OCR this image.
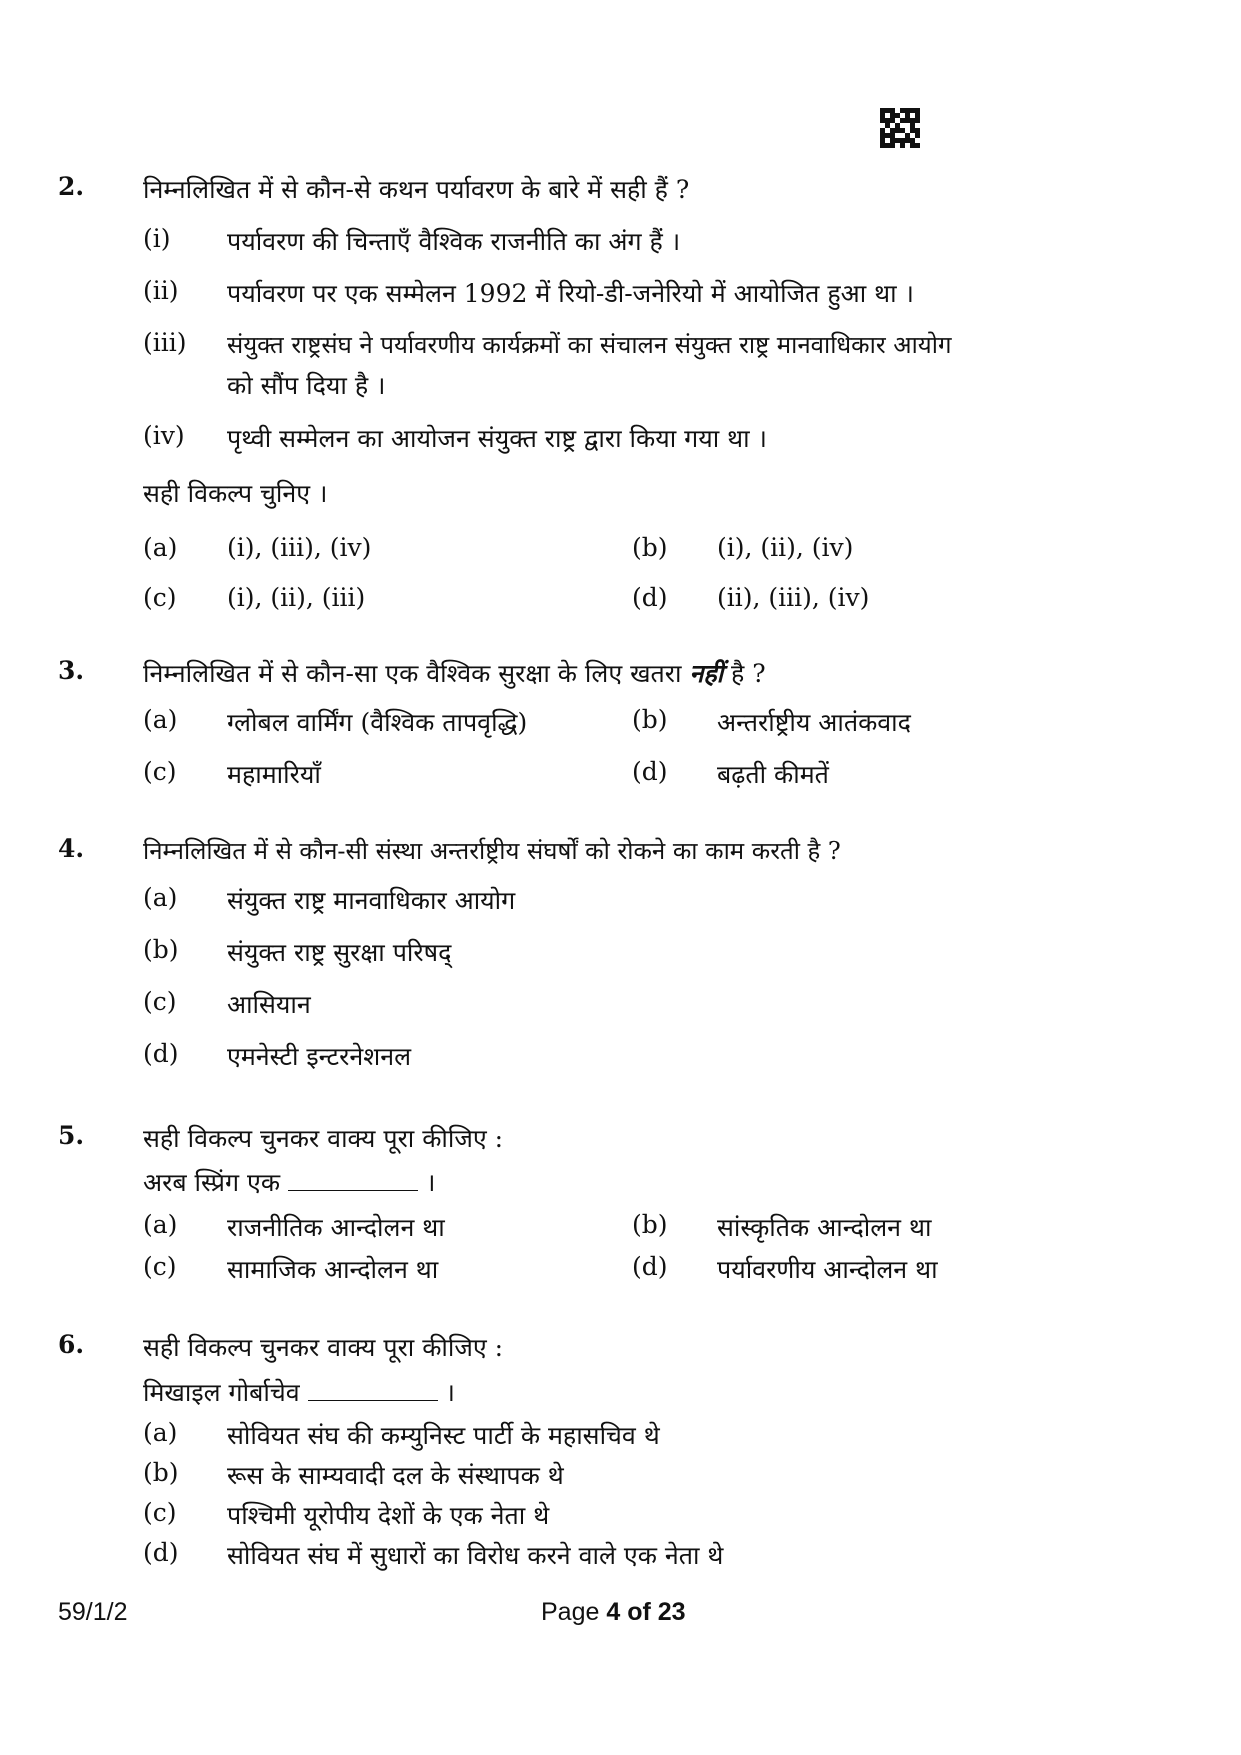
2. निम्नलिखित में से कौन-से कथन पर्यावरण के बारे में सही हैं ?
(i) पर्यावरण की चिन्ताएँ वैश्विक राजनीति का अंग हैं ।
(ii) पर्यावरण पर एक सम्मेलन 1992 में रियो-डी-जनेरियो में आयोजित हुआ था ।
(iii) संयुक्त राष्ट्रसंघ ने पर्यावरणीय कार्यक्रमों का संचालन संयुक्त राष्ट्र मानवाधिकार आयोग
को सौंप दिया है ।
(iv) पृथ्वी सम्मेलन का आयोजन संयुक्त राष्ट्र द्वारा किया गया था ।
सही विकल्प चुनिए ।
(a) (i), (iii), (iv)	(b) (i), (ii), (iv)
(c) (i), (ii), (iii)	(d) (ii), (iii), (iv)
3. निम्नलिखित में से कौन-सा एक वैश्विक सुरक्षा के लिए खतरा नहीं है ?
(a) ग्लोबल वार्मिंग (वैश्विक तापवृद्धि)	(b) अन्तर्राष्ट्रीय आतंकवाद
(c) महामारियाँ	(d) बढ़ती कीमतें
4. निम्नलिखित में से कौन-सी संस्था अन्तर्राष्ट्रीय संघर्षों को रोकने का काम करती है ?
(a) संयुक्त राष्ट्र मानवाधिकार आयोग
(b) संयुक्त राष्ट्र सुरक्षा परिषद्
(c) आसियान
(d) एमनेस्टी इन्टरनेशनल
5. सही विकल्प चुनकर वाक्य पूरा कीजिए :
अरब स्प्रिंग एक	।
(a) राजनीतिक आन्दोलन था	(b) सांस्कृतिक आन्दोलन था
(c) सामाजिक आन्दोलन था	(d) पर्यावरणीय आन्दोलन था
6. सही विकल्प चुनकर वाक्य पूरा कीजिए :
मिखाइल गोर्बाचेव	।
(a) सोवियत संघ की कम्युनिस्ट पार्टी के महासचिव थे
(b) रूस के साम्यवादी दल के संस्थापक थे
(c) पश्चिमी यूरोपीय देशों के एक नेता थे
(d) सोवियत संघ में सुधारों का विरोध करने वाले एक नेता थे
59/1/2	Page 4 of 23
